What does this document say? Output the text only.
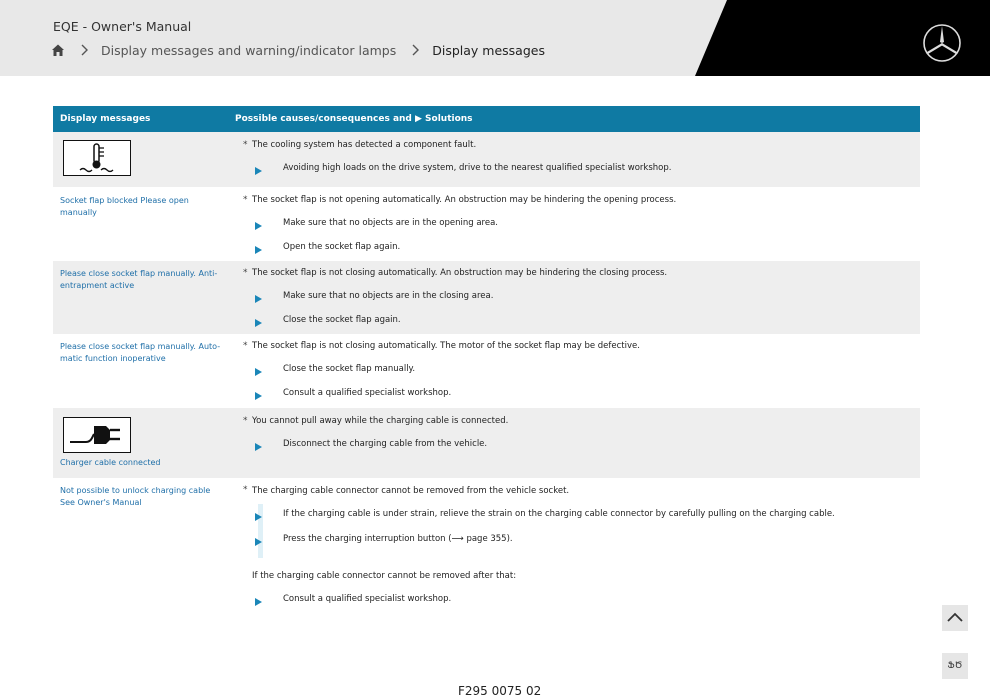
EQE - Owner's Manual
Display messages and warning/indicator lamps	Display messages
Display messages	Possible causes/consequences and ▶ Solutions
* The cooling system has detected a component fault.
Avoiding high loads on the drive system, drive to the nearest qualified specialist workshop.
Socket flap blocked Please open manually
* The socket flap is not opening automatically. An obstruction may be hindering the opening process.
Make sure that no objects are in the opening area.
Open the socket flap again.
Please close socket flap manually. Anti-
entrapment active
* The socket flap is not closing automatically. An obstruction may be hindering the closing process.
Make sure that no objects are in the closing area.
Close the socket flap again.
Please close socket flap manually. Auto-
matic function inoperative
* The socket flap is not closing automatically. The motor of the socket flap may be defective.
Close the socket flap manually.
Consult a qualified specialist workshop.
Charger cable connected
* You cannot pull away while the charging cable is connected.
Disconnect the charging cable from the vehicle.
Not possible to unlock charging cable
See Owner's Manual
* The charging cable connector cannot be removed from the vehicle socket.
If the charging cable is under strain, relieve the strain on the charging cable connector by carefully pulling on the charging cable.
Press the charging interruption button (⟶ page 355).
If the charging cable connector cannot be removed after that:
Consult a qualified specialist workshop.
ՖԾ
F295 0075 02
